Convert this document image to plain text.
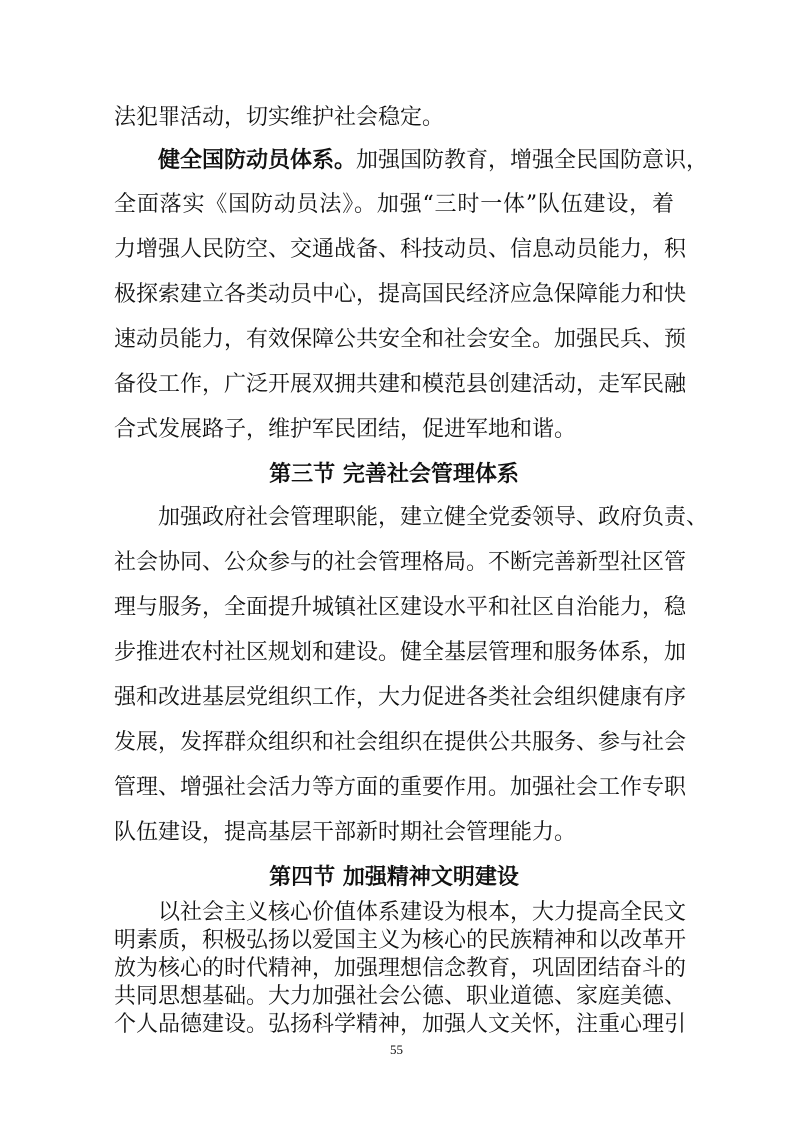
法犯罪活动，切实维护社会稳定。
健全国防动员体系。加强国防教育，增强全民国防意识，
全面落实《国防动员法》。加强“三时一体”队伍建设，着
力增强人民防空、交通战备、科技动员、信息动员能力，积
极探索建立各类动员中心，提高国民经济应急保障能力和快
速动员能力，有效保障公共安全和社会安全。加强民兵、预
备役工作，广泛开展双拥共建和模范县创建活动，走军民融
合式发展路子，维护军民团结，促进军地和谐。
第三节 完善社会管理体系
加强政府社会管理职能，建立健全党委领导、政府负责、
社会协同、公众参与的社会管理格局。不断完善新型社区管
理与服务，全面提升城镇社区建设水平和社区自治能力，稳
步推进农村社区规划和建设。健全基层管理和服务体系，加
强和改进基层党组织工作，大力促进各类社会组织健康有序
发展，发挥群众组织和社会组织在提供公共服务、参与社会
管理、增强社会活力等方面的重要作用。加强社会工作专职
队伍建设，提高基层干部新时期社会管理能力。
第四节 加强精神文明建设
55
以社会主义核心价值体系建设为根本，大力提高全民文
明素质，积极弘扬以爱国主义为核心的民族精神和以改革开
放为核心的时代精神，加强理想信念教育，巩固团结奋斗的
共同思想基础。大力加强社会公德、职业道德、家庭美德、
个人品德建设。弘扬科学精神，加强人文关怀，注重心理引
